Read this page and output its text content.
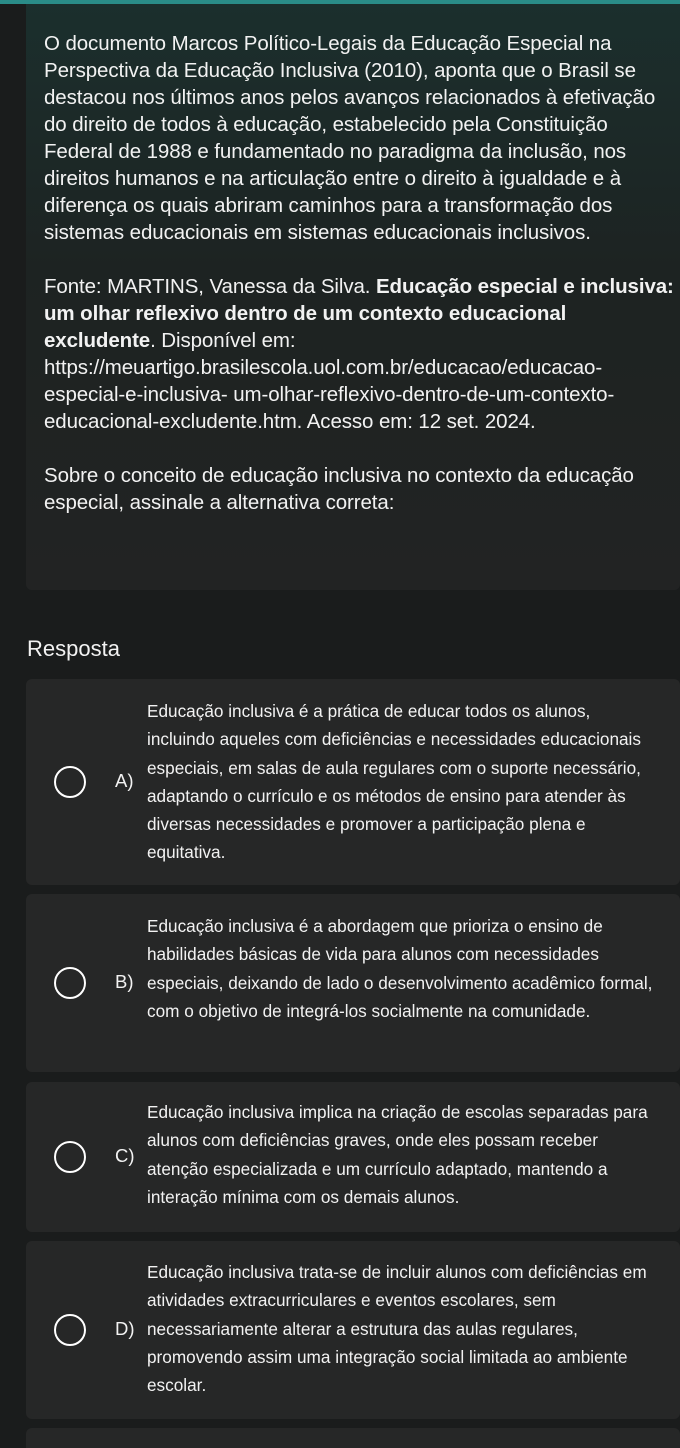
O documento Marcos Político-Legais da Educação Especial na Perspectiva da Educação Inclusiva (2010), aponta que o Brasil se destacou nos últimos anos pelos avanços relacionados à efetivação do direito de todos à educação, estabelecido pela Constituição Federal de 1988 e fundamentado no paradigma da inclusão, nos direitos humanos e na articulação entre o direito à igualdade e à diferença os quais abriram caminhos para a transformação dos sistemas educacionais em sistemas educacionais inclusivos.

Fonte: MARTINS, Vanessa da Silva. Educação especial e inclusiva: um olhar reflexivo dentro de um contexto educacional excludente. Disponível em: https://meuartigo.brasilescola.uol.com.br/educacao/educacao-especial-e-inclusiva- um-olhar-reflexivo-dentro-de-um-contexto-educacional-excludente.htm. Acesso em: 12 set. 2024.

Sobre o conceito de educação inclusiva no contexto da educação especial, assinale a alternativa correta:

Resposta
A)
Educação inclusiva é a prática de educar todos os alunos, incluindo aqueles com deficiências e necessidades educacionais especiais, em salas de aula regulares com o suporte necessário, adaptando o currículo e os métodos de ensino para atender às diversas necessidades e promover a participação plena e equitativa.
B)
Educação inclusiva é a abordagem que prioriza o ensino de habilidades básicas de vida para alunos com necessidades especiais, deixando de lado o desenvolvimento acadêmico formal, com o objetivo de integrá-los socialmente na comunidade.
C)
Educação inclusiva implica na criação de escolas separadas para alunos com deficiências graves, onde eles possam receber atenção especializada e um currículo adaptado, mantendo a interação mínima com os demais alunos.
D)
Educação inclusiva trata-se de incluir alunos com deficiências em atividades extracurriculares e eventos escolares, sem necessariamente alterar a estrutura das aulas regulares, promovendo assim uma integração social limitada ao ambiente escolar.
